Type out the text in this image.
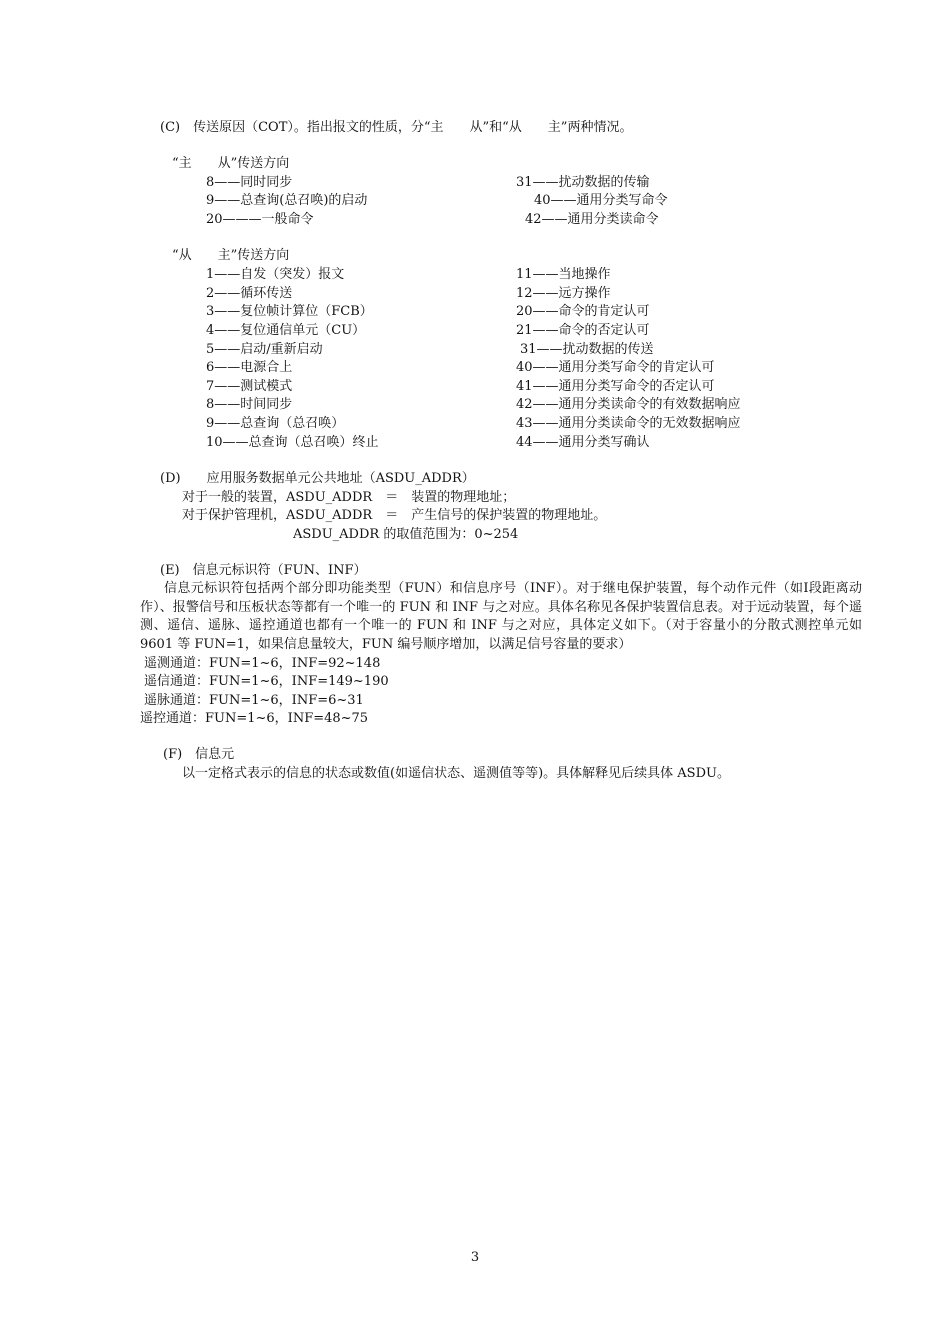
(C)　传送原因（COT）。指出报文的性质，分“主　　从”和“从　　主”两种情况。
“主　　从”传送方向
8——同时同步
9——总查询(总召唤)的启动
20———一般命令
31——扰动数据的传输
40——通用分类写命令
42——通用分类读命令
“从　　主”传送方向
1——自发（突发）报文
2——循环传送
3——复位帧计算位（FCB）
4——复位通信单元（CU）
5——启动/重新启动
6——电源合上
7——测试模式
8——时间同步
9——总查询（总召唤）
10——总查询（总召唤）终止
11——当地操作
12——远方操作
20——命令的肯定认可
21——命令的否定认可
31——扰动数据的传送
40——通用分类写命令的肯定认可
41——通用分类写命令的否定认可
42——通用分类读命令的有效数据响应
43——通用分类读命令的无效数据响应
44——通用分类写确认
(D)　　应用服务数据单元公共地址（ASDU_ADDR）
对于一般的装置，ASDU_ADDR　＝　装置的物理地址；
对于保护管理机，ASDU_ADDR　＝　产生信号的保护装置的物理地址。
ASDU_ADDR 的取值范围为：0~254
(E)　信息元标识符（FUN、INF）
信息元标识符包括两个部分即功能类型（FUN）和信息序号（INF）。对于继电保护装置，每个动作元件（如Ⅰ段距离动作）、报警信号和压板状态等都有一个唯一的 FUN 和 INF 与之对应。具体名称见各保护装置信息表。对于远动装置，每个遥测、遥信、遥脉、遥控通道也都有一个唯一的 FUN 和 INF 与之对应，具体定义如下。（对于容量小的分散式测控单元如 9601 等 FUN=1，如果信息量较大，FUN 编号顺序增加，以满足信号容量的要求）
遥测通道：FUN=1~6，INF=92~148
遥信通道：FUN=1~6，INF=149~190
遥脉通道：FUN=1~6，INF=6~31
遥控通道：FUN=1~6，INF=48~75
(F)　信息元
以一定格式表示的信息的状态或数值(如遥信状态、遥测值等等)。具体解释见后续具体 ASDU。
3
